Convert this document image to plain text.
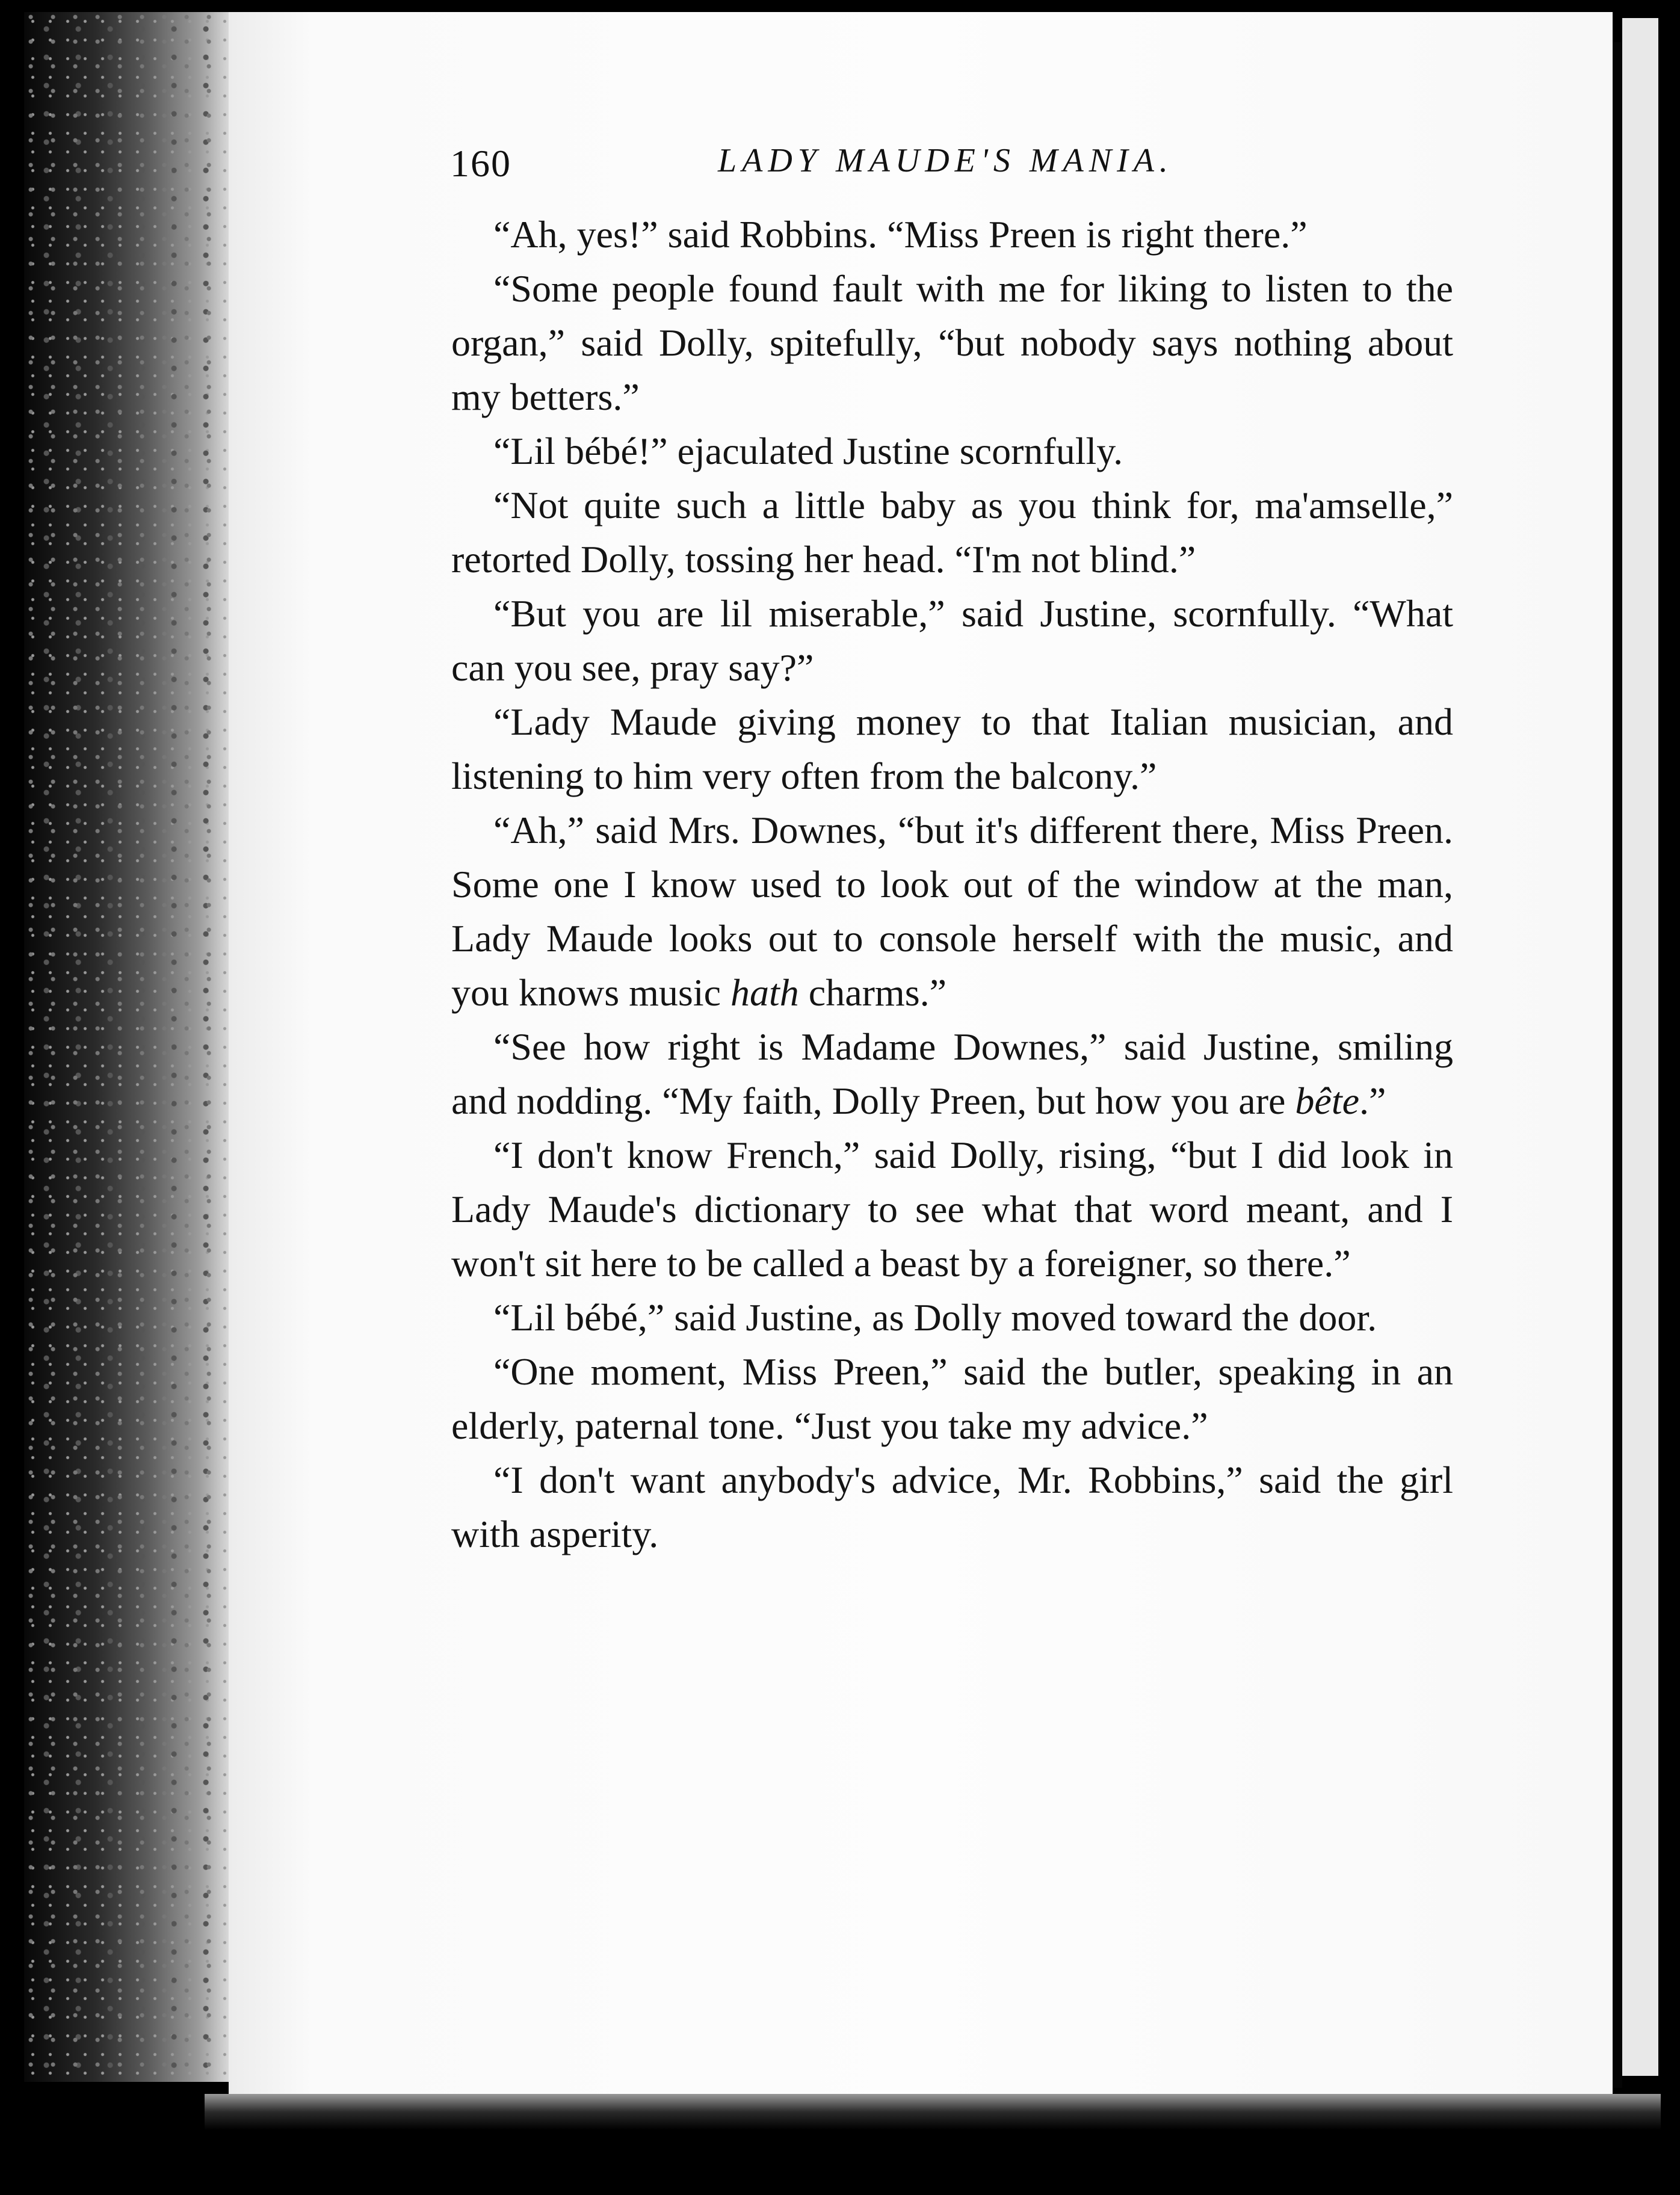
160	LADY MAUDE'S MANIA.

“Ah, yes!” said Robbins. “Miss Preen is right there.”

“Some people found fault with me for liking to listen to the organ,” said Dolly, spitefully, “but nobody says nothing about my betters.”

“Lil bébé!” ejaculated Justine scornfully.

“Not quite such a little baby as you think for, ma'amselle,” retorted Dolly, tossing her head. “I'm not blind.”

“But you are lil miserable,” said Justine, scornfully. “What can you see, pray say?”

“Lady Maude giving money to that Italian musician, and listening to him very often from the balcony.”

“Ah,” said Mrs. Downes, “but it's different there, Miss Preen. Some one I know used to look out of the window at the man, Lady Maude looks out to console herself with the music, and you knows music hath charms.”

“See how right is Madame Downes,” said Justine, smiling and nodding. “My faith, Dolly Preen, but how you are bête.”

“I don't know French,” said Dolly, rising, “but I did look in Lady Maude's dictionary to see what that word meant, and I won't sit here to be called a beast by a foreigner, so there.”

“Lil bébé,” said Justine, as Dolly moved toward the door.

“One moment, Miss Preen,” said the butler, speaking in an elderly, paternal tone. “Just you take my advice.”

“I don't want anybody's advice, Mr. Robbins,” said the girl with asperity.
